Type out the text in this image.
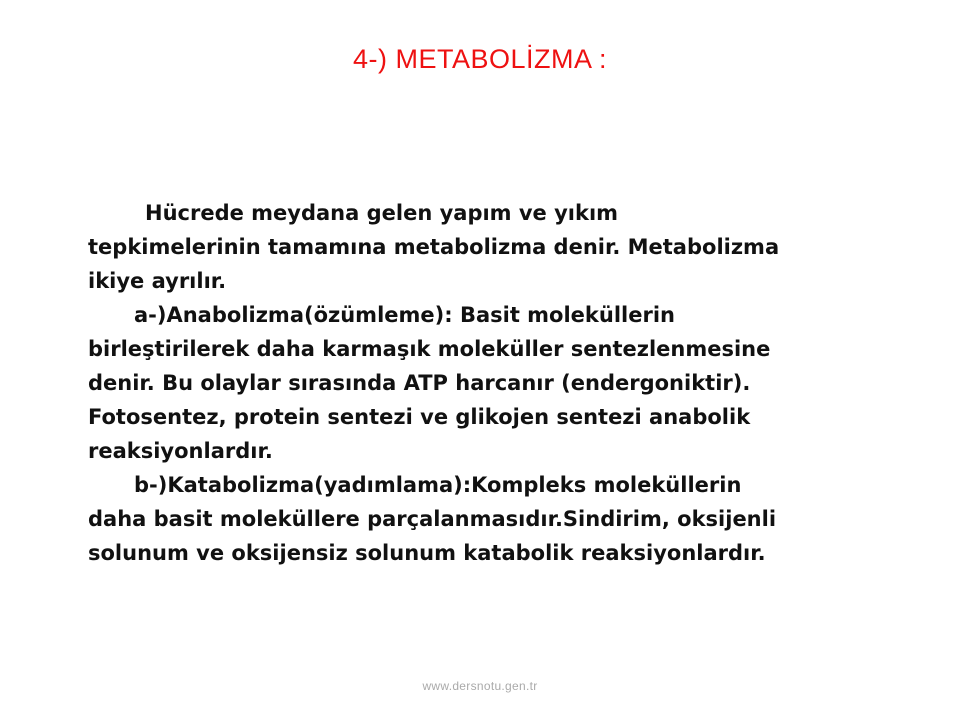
4-) METABOLİZMA :

Hücrede meydana gelen yapım ve yıkım

tepkimelerinin tamamına metabolizma denir. Metabolizma

ikiye ayrılır.

a-)Anabolizma(özümleme): Basit moleküllerin

birleştirilerek daha karmaşık moleküller sentezlenmesine

denir. Bu olaylar sırasında ATP harcanır (endergoniktir).

Fotosentez, protein sentezi ve glikojen sentezi anabolik

reaksiyonlardır.

b-)Katabolizma(yadımlama):Kompleks moleküllerin

daha basit moleküllere parçalanmasıdır.Sindirim, oksijenli

solunum ve oksijensiz solunum katabolik reaksiyonlardır.

www.dersnotu.gen.tr
